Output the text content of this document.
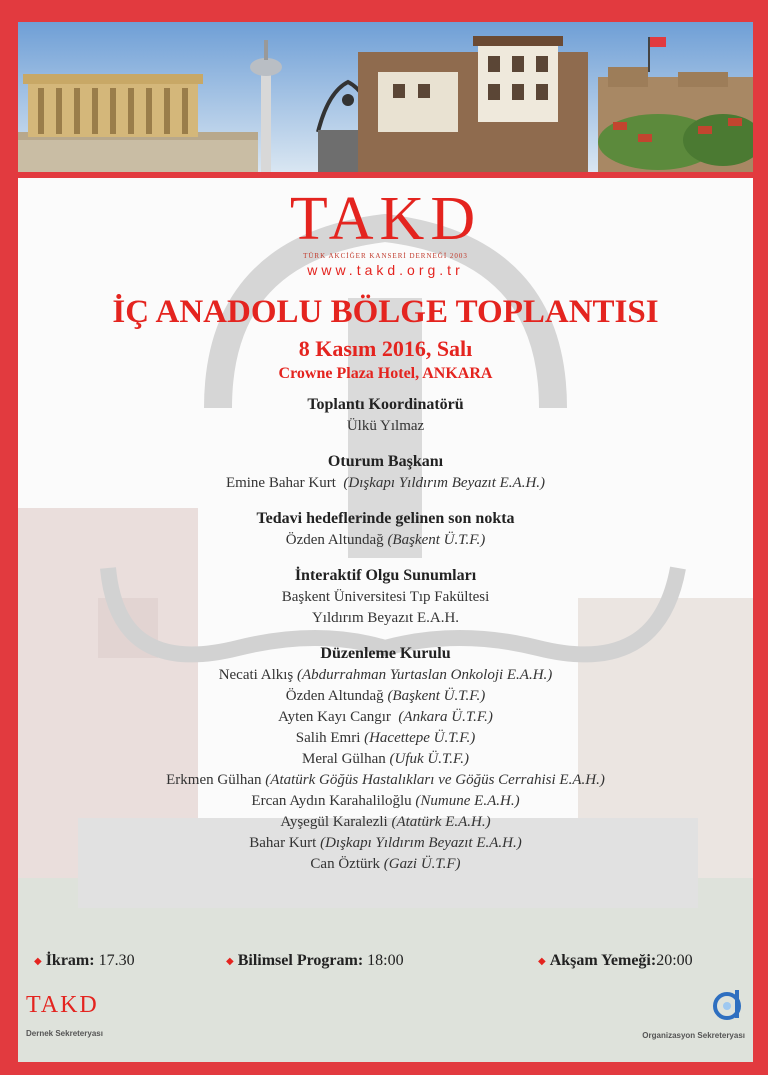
TAKD
TÜRK AKCİĞER KANSERİ DERNEĞİ 2003
www.takd.org.tr
İÇ ANADOLU BÖLGE TOPLANTISI
8 Kasım 2016, Salı
Crowne Plaza Hotel, ANKARA
Toplantı Koordinatörü
Ülkü Yılmaz
Oturum Başkanı
Emine Bahar Kurt (Dışkapı Yıldırım Beyazıt E.A.H.)
Tedavi hedeflerinde gelinen son nokta
Özden Altundağ (Başkent Ü.T.F.)
İnteraktif Olgu Sunumları
Başkent Üniversitesi Tıp Fakültesi
Yıldırım Beyazıt E.A.H.
Düzenleme Kurulu
Necati Alkış (Abdurrahman Yurtaslan Onkoloji E.A.H.)
Özden Altundağ (Başkent Ü.T.F.)
Ayten Kayı Cangır (Ankara Ü.T.F.)
Salih Emri (Hacettepe Ü.T.F.)
Meral Gülhan (Ufuk Ü.T.F.)
Erkmen Gülhan (Atatürk Göğüs Hastalıkları ve Göğüs Cerrahisi E.A.H.)
Ercan Aydın Karahaliloğlu (Numune E.A.H.)
Ayşegül Karalezli (Atatürk E.A.H.)
Bahar Kurt (Dışkapı Yıldırım Beyazıt E.A.H.)
Can Öztürk (Gazi Ü.T.F)
◆ İkram: 17.30	◆ Bilimsel Program: 18:00	◆ Akşam Yemeği:20:00
TAKD
Dernek Sekreteryası	Organizasyon Sekreteryası
